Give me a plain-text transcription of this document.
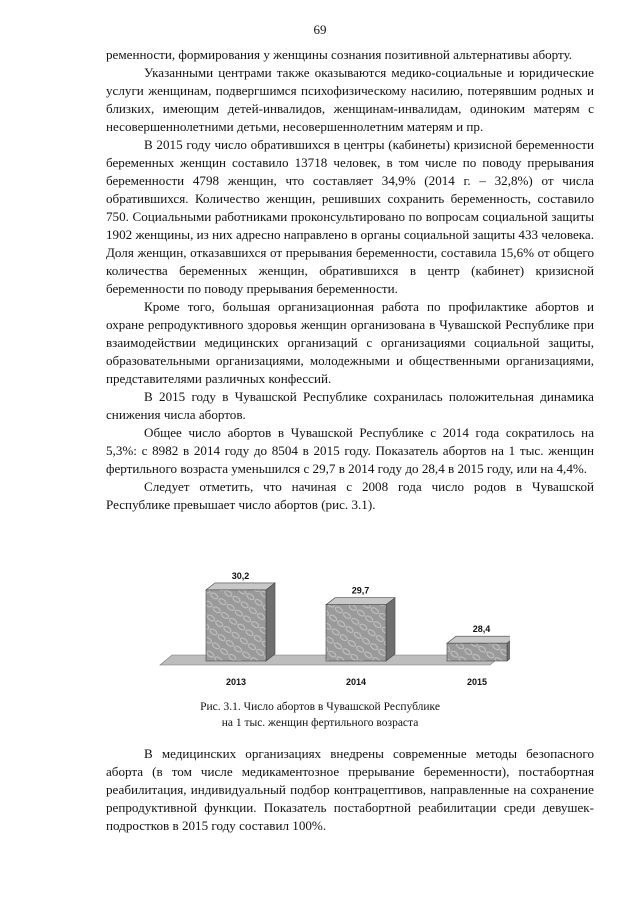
69

ременности, формирования у женщины сознания позитивной альтернативы аборту.

Указанными центрами также оказываются медико-социальные и юридические услуги женщинам, подвергшимся психофизическому насилию, потерявшим родных и близких, имеющим детей-инвалидов, женщинам-инвалидам, одиноким матерям с несовершеннолетними детьми, несовершеннолетним матерям и пр.

В 2015 году число обратившихся в центры (кабинеты) кризисной беременности беременных женщин составило 13718 человек, в том числе по поводу прерывания беременности 4798 женщин, что составляет 34,9% (2014 г. – 32,8%) от числа обратившихся. Количество женщин, решивших сохранить беременность, составило 750. Социальными работниками проконсультировано по вопросам социальной защиты 1902 женщины, из них адресно направлено в органы социальной защиты 433 человека. Доля женщин, отказавшихся от прерывания беременности, составила 15,6% от общего количества беременных женщин, обратившихся в центр (кабинет) кризисной беременности по поводу прерывания беременности.

Кроме того, большая организационная работа по профилактике абортов и охране репродуктивного здоровья женщин организована в Чувашской Республике при взаимодействии медицинских организаций с организациями социальной защиты, образовательными организациями, молодежными и общественными организациями, представителями различных конфессий.

В 2015 году в Чувашской Республике сохранилась положительная динамика снижения числа абортов.

Общее число абортов в Чувашской Республике с 2014 года сократилось на 5,3%: с 8982 в 2014 году до 8504 в 2015 году. Показатель абортов на 1 тыс. женщин фертильного возраста уменьшился с 29,7 в 2014 году до 28,4 в 2015 году, или на 4,4%.

Следует отметить, что начиная с 2008 года число родов в Чувашской Республике превышает число абортов (рис. 3.1).

30,2
2013
29,7
2014
28,4
2015
Рис. 3.1. Число абортов в Чувашской Республике
на 1 тыс. женщин фертильного возраста

В медицинских организациях внедрены современные методы безопасного аборта (в том числе медикаментозное прерывание беременности), постабортная реабилитация, индивидуальный подбор контрацептивов, направленные на сохранение репродуктивной функции. Показатель постабортной реабилитации среди девушек-подростков в 2015 году составил 100%.
